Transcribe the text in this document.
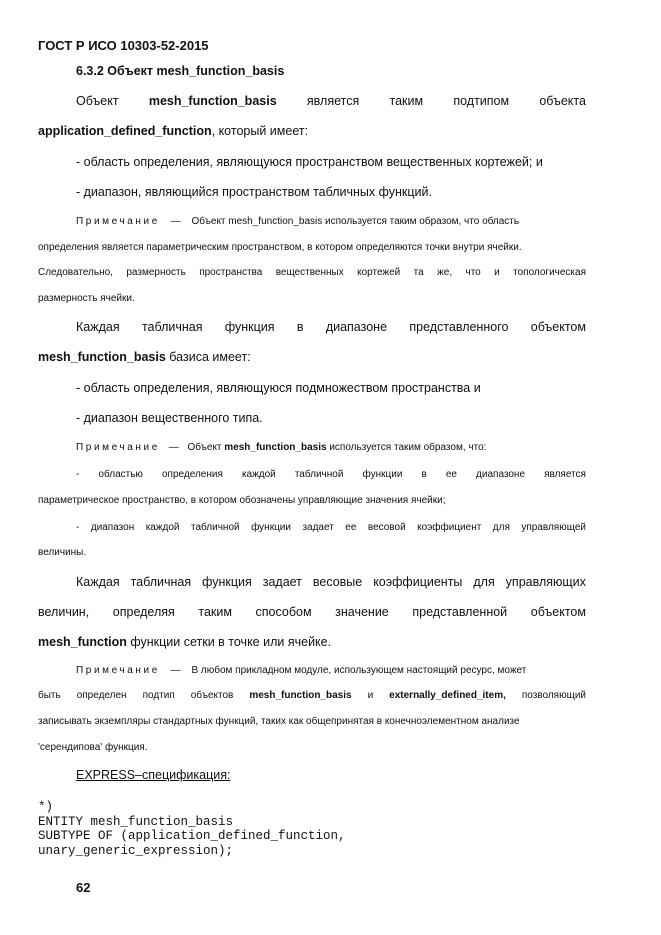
ГОСТ Р ИСО 10303-52-2015
6.3.2 Объект mesh_function_basis
Объект mesh_function_basis является таким подтипом объекта
application_defined_function, который имеет:
- область определения, являющуюся пространством вещественных кортежей; и
- диапазон, являющийся пространством табличных функций.
Примечание — Объект mesh_function_basis используется таким образом, что область
определения является параметрическим пространством, в котором определяются точки внутри ячейки.
Следовательно, размерность пространства вещественных кортежей та же, что и топологическая
размерность ячейки.
Каждая табличная функция в диапазоне представленного объектом
mesh_function_basis базиса имеет:
- область определения, являющуюся подмножеством пространства и
- диапазон вещественного типа.
Примечание — Объект mesh_function_basis используется таким образом, что:
- областью определения каждой табличной функции в ее диапазоне является
параметрическое пространство, в котором обозначены управляющие значения ячейки;
- диапазон каждой табличной функции задает ее весовой коэффициент для управляющей
величины.
Каждая табличная функция задает весовые коэффициенты для управляющих
величин, определяя таким способом значение представленной объектом
mesh_function функции сетки в точке или ячейке.
Примечание — В любом прикладном модуле, использующем настоящий ресурс, может
быть определен подтип объектов mesh_function_basis и externally_defined_item, позволяющий
записывать экземпляры стандартных функций, таких как общепринятая в конечноэлементном анализе
'серендипова' функция.
EXPRESS–спецификация:
*)
ENTITY mesh_function_basis
SUBTYPE OF (application_defined_function,
unary_generic_expression);
62
